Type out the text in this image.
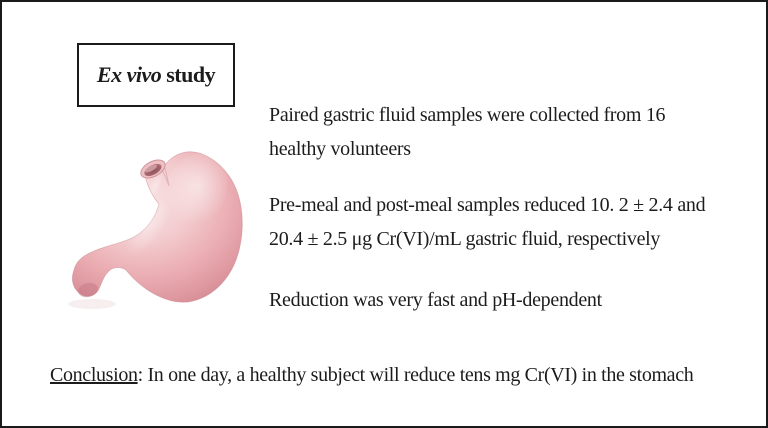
Ex vivo study
Paired gastric fluid samples were collected from 16
healthy volunteers
Pre-meal and post-meal samples reduced 10. 2 ± 2.4 and
20.4 ± 2.5 μg Cr(VI)/mL gastric fluid, respectively
Reduction was very fast and pH-dependent
Conclusion: In one day, a healthy subject will reduce tens mg Cr(VI) in the stomach
